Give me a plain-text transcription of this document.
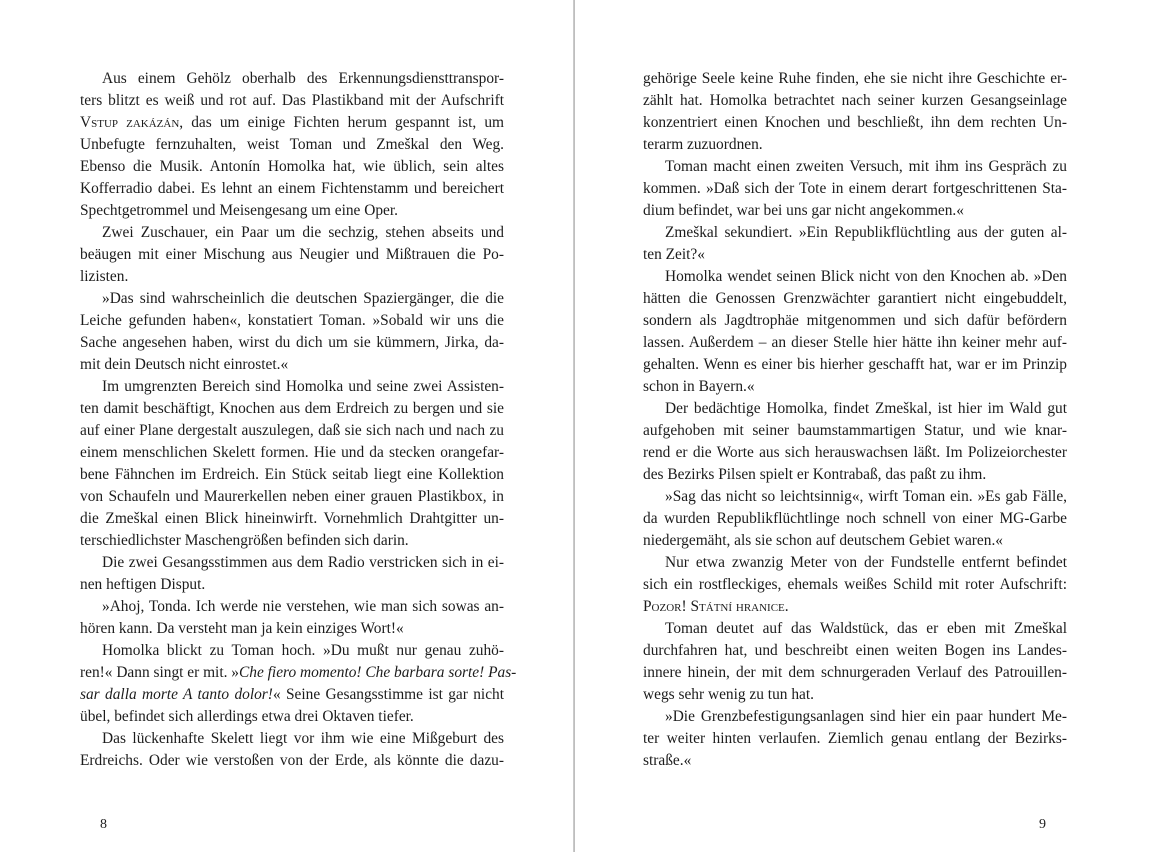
Aus einem Gehölz oberhalb des Erkennungsdiensttranspor-
ters blitzt es weiß und rot auf. Das Plastikband mit der Aufschrift
Vstup zakázán, das um einige Fichten herum gespannt ist, um
Unbefugte fernzuhalten, weist Toman und Zmeškal den Weg.
Ebenso die Musik. Antonín Homolka hat, wie üblich, sein altes
Kofferradio dabei. Es lehnt an einem Fichtenstamm und bereichert
Spechtgetrommel und Meisengesang um eine Oper.
Zwei Zuschauer, ein Paar um die sechzig, stehen abseits und
beäugen mit einer Mischung aus Neugier und Mißtrauen die Po-
lizisten.
»Das sind wahrscheinlich die deutschen Spaziergänger, die die
Leiche gefunden haben«, konstatiert Toman. »Sobald wir uns die
Sache angesehen haben, wirst du dich um sie kümmern, Jirka, da-
mit dein Deutsch nicht einrostet.«
Im umgrenzten Bereich sind Homolka und seine zwei Assisten-
ten damit beschäftigt, Knochen aus dem Erdreich zu bergen und sie
auf einer Plane dergestalt auszulegen, daß sie sich nach und nach zu
einem menschlichen Skelett formen. Hie und da stecken orangefar-
bene Fähnchen im Erdreich. Ein Stück seitab liegt eine Kollektion
von Schaufeln und Maurerkellen neben einer grauen Plastikbox, in
die Zmeškal einen Blick hineinwirft. Vornehmlich Drahtgitter un-
terschiedlichster Maschengrößen befinden sich darin.
Die zwei Gesangsstimmen aus dem Radio verstricken sich in ei-
nen heftigen Disput.
»Ahoj, Tonda. Ich werde nie verstehen, wie man sich sowas an-
hören kann. Da versteht man ja kein einziges Wort!«
Homolka blickt zu Toman hoch. »Du mußt nur genau zuhö-
ren!« Dann singt er mit. »Che fiero momento! Che barbara sorte! Pas-
sar dalla morte A tanto dolor!« Seine Gesangsstimme ist gar nicht
übel, befindet sich allerdings etwa drei Oktaven tiefer.
Das lückenhafte Skelett liegt vor ihm wie eine Mißgeburt des
Erdreichs. Oder wie verstoßen von der Erde, als könnte die dazu-
8
gehörige Seele keine Ruhe finden, ehe sie nicht ihre Geschichte er-
zählt hat. Homolka betrachtet nach seiner kurzen Gesangseinlage
konzentriert einen Knochen und beschließt, ihn dem rechten Un-
terarm zuzuordnen.
Toman macht einen zweiten Versuch, mit ihm ins Gespräch zu
kommen. »Daß sich der Tote in einem derart fortgeschrittenen Sta-
dium befindet, war bei uns gar nicht angekommen.«
Zmeškal sekundiert. »Ein Republikflüchtling aus der guten al-
ten Zeit?«
Homolka wendet seinen Blick nicht von den Knochen ab. »Den
hätten die Genossen Grenzwächter garantiert nicht eingebuddelt,
sondern als Jagdtrophäe mitgenommen und sich dafür befördern
lassen. Außerdem – an dieser Stelle hier hätte ihn keiner mehr auf-
gehalten. Wenn es einer bis hierher geschafft hat, war er im Prinzip
schon in Bayern.«
Der bedächtige Homolka, findet Zmeškal, ist hier im Wald gut
aufgehoben mit seiner baumstammartigen Statur, und wie knar-
rend er die Worte aus sich herauswachsen läßt. Im Polizeiorchester
des Bezirks Pilsen spielt er Kontrabaß, das paßt zu ihm.
»Sag das nicht so leichtsinnig«, wirft Toman ein. »Es gab Fälle,
da wurden Republikflüchtlinge noch schnell von einer MG-Garbe
niedergemäht, als sie schon auf deutschem Gebiet waren.«
Nur etwa zwanzig Meter von der Fundstelle entfernt befindet
sich ein rostfleckiges, ehemals weißes Schild mit roter Aufschrift:
Pozor! Státní hranice.
Toman deutet auf das Waldstück, das er eben mit Zmeškal
durchfahren hat, und beschreibt einen weiten Bogen ins Landes-
innere hinein, der mit dem schnurgeraden Verlauf des Patrouillen-
wegs sehr wenig zu tun hat.
»Die Grenzbefestigungsanlagen sind hier ein paar hundert Me-
ter weiter hinten verlaufen. Ziemlich genau entlang der Bezirks-
straße.«
9
